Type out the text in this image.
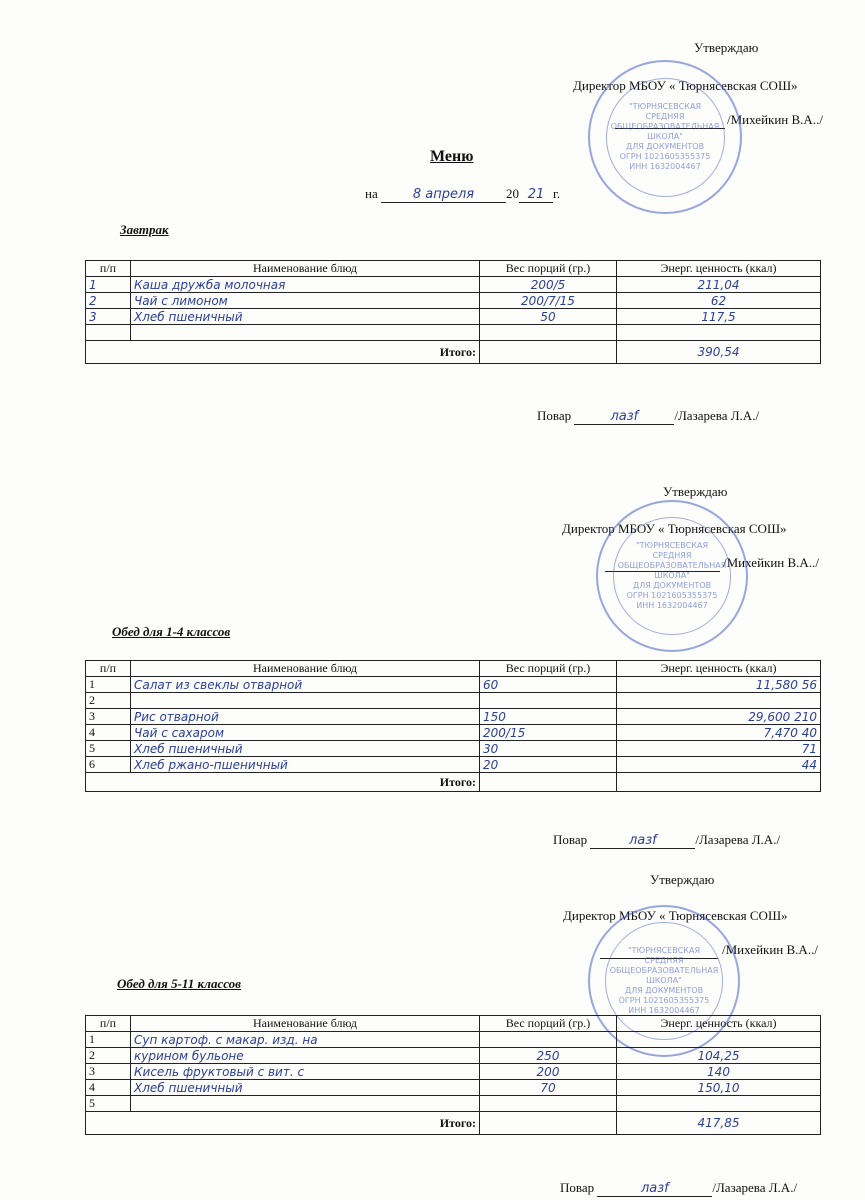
Утверждаю
Директор МБОУ « Тюрнясевская СОШ»
/Михейкин В.А../
"ТЮРНЯСЕВСКАЯ
СРЕДНЯЯ
ОБЩЕОБРАЗОВАТЕЛЬНАЯ
ШКОЛА"
ДЛЯ ДОКУМЕНТОВ
ОГРН 1021605355375
ИНН 1632004467
Меню
на	8 апреля 20 21 г.
Завтрак
п/п	Наименование блюд	Вес порций (гр.)	Энерг. ценность (ккал)
1	Каша дружба молочная	200/5	211,04
2	Чай с лимоном	200/7/15	62
3	Хлеб пшеничный	50	117,5

Итого:			390,54
Повар	лазf	/Лазарева Л.А./
Утверждаю
Директор МБОУ « Тюрнясевская СОШ»
/Михейкин В.А../
"ТЮРНЯСЕВСКАЯ
СРЕДНЯЯ
ОБЩЕОБРАЗОВАТЕЛЬНАЯ
ШКОЛА"
ДЛЯ ДОКУМЕНТОВ
ОГРН 1021605355375
ИНН 1632004467
Обед для 1-4 классов
п/п	Наименование блюд	Вес порций (гр.)	Энерг. ценность (ккал)
1	Салат из свеклы отварной	60	11,580 56
2			
3	Рис отварной	150	29,600 210
4	Чай с сахаром	200/15	7,470 40
5	Хлеб пшеничный	30	71
6	Хлеб ржано-пшеничный	20	44
Итого:			
Повар	лазf	/Лазарева Л.А./
Утверждаю
Директор МБОУ « Тюрнясевская СОШ»
/Михейкин В.А../
"ТЮРНЯСЕВСКАЯ
СРЕДНЯЯ
ОБЩЕОБРАЗОВАТЕЛЬНАЯ
ШКОЛА"
ДЛЯ ДОКУМЕНТОВ
ОГРН 1021605355375
ИНН 1632004467
Обед для 5-11 классов
п/п	Наименование блюд	Вес порций (гр.)	Энерг. ценность (ккал)
1	Суп картоф. с макар. изд. на		
2	курином бульоне	250	104,25
3	Кисель фруктовый с вит. с	200	140
4	Хлеб пшеничный	70	150,10
5			
Итого:			417,85
Повар	лазf	/Лазарева Л.А./
